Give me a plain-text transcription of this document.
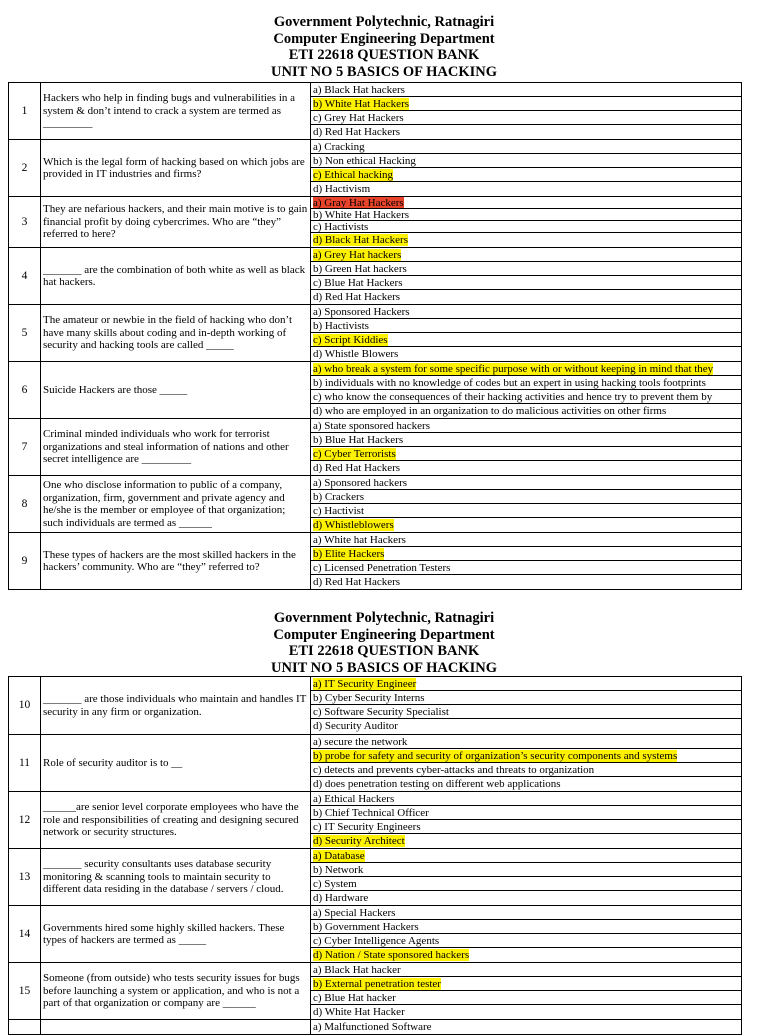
Government Polytechnic, Ratnagiri
Computer Engineering Department
ETI 22618 QUESTION BANK
UNIT NO 5 BASICS OF HACKING
1	Hackers who help in finding bugs and vulnerabilities in a system & don’t intend to crack a system are termed as _________	a) Black Hat hackers
b) White Hat Hackers
c) Grey Hat Hackers
d) Red Hat Hackers

2	Which is the legal form of hacking based on which jobs are provided in IT industries and firms?	a) Cracking
b) Non ethical Hacking
c) Ethical hacking
d) Hactivism

3	They are nefarious hackers, and their main motive is to gain financial profit by doing cybercrimes. Who are “they” referred to here?	a) Gray Hat Hackers
b) White Hat Hackers
c) Hactivists
d) Black Hat Hackers

4	_______ are the combination of both white as well as black hat hackers.	a) Grey Hat hackers
b) Green Hat hackers
c) Blue Hat Hackers
d) Red Hat Hackers

5	The amateur or newbie in the field of hacking who don’t have many skills about coding and in-depth working of security and hacking tools are called _____	a) Sponsored Hackers
b) Hactivists
c) Script Kiddies
d) Whistle Blowers

6	Suicide Hackers are those _____	a) who break a system for some specific purpose with or without keeping in mind that they
b) individuals with no knowledge of codes but an expert in using hacking tools footprints
c) who know the consequences of their hacking activities and hence try to prevent them by
d) who are employed in an organization to do malicious activities on other firms

7	Criminal minded individuals who work for terrorist organizations and steal information of nations and other secret intelligence are _________	a) State sponsored hackers
b) Blue Hat Hackers
c) Cyber Terrorists
d) Red Hat Hackers

8	One who disclose information to public of a company, organization, firm, government and private agency and he/she is the member or employee of that organization; such individuals are termed as ______	a) Sponsored hackers
b) Crackers
c) Hactivist
d) Whistleblowers

9	These types of hackers are the most skilled hackers in the hackers’ community. Who are “they” referred to?	a) White hat Hackers
b) Elite Hackers
c) Licensed Penetration Testers
d) Red Hat Hackers
Government Polytechnic, Ratnagiri
Computer Engineering Department
ETI 22618 QUESTION BANK
UNIT NO 5 BASICS OF HACKING
10	_______ are those individuals who maintain and handles IT security in any firm or organization.	a) IT Security Engineer
b) Cyber Security Interns
c) Software Security Specialist
d) Security Auditor

11	Role of security auditor is to __	a) secure the network
b) probe for safety and security of organization’s security components and systems
c) detects and prevents cyber-attacks and threats to organization
d) does penetration testing on different web applications

12	______are senior level corporate employees who have the role and responsibilities of creating and designing secured network or security structures.	a) Ethical Hackers
b) Chief Technical Officer
c) IT Security Engineers
d) Security Architect

13	_______ security consultants uses database security monitoring & scanning tools to maintain security to different data residing in the database / servers / cloud.	a) Database
b) Network
c) System
d) Hardware

14	Governments hired some highly skilled hackers. These types of hackers are termed as _____	a) Special Hackers
b) Government Hackers
c) Cyber Intelligence Agents
d) Nation / State sponsored hackers

15	Someone (from outside) who tests security issues for bugs before launching a system or application, and who is not a part of that organization or company are ______	a) Black Hat hacker
b) External penetration tester
c) Blue Hat hacker
d) White Hat Hacker

		a) Malfunctioned Software
